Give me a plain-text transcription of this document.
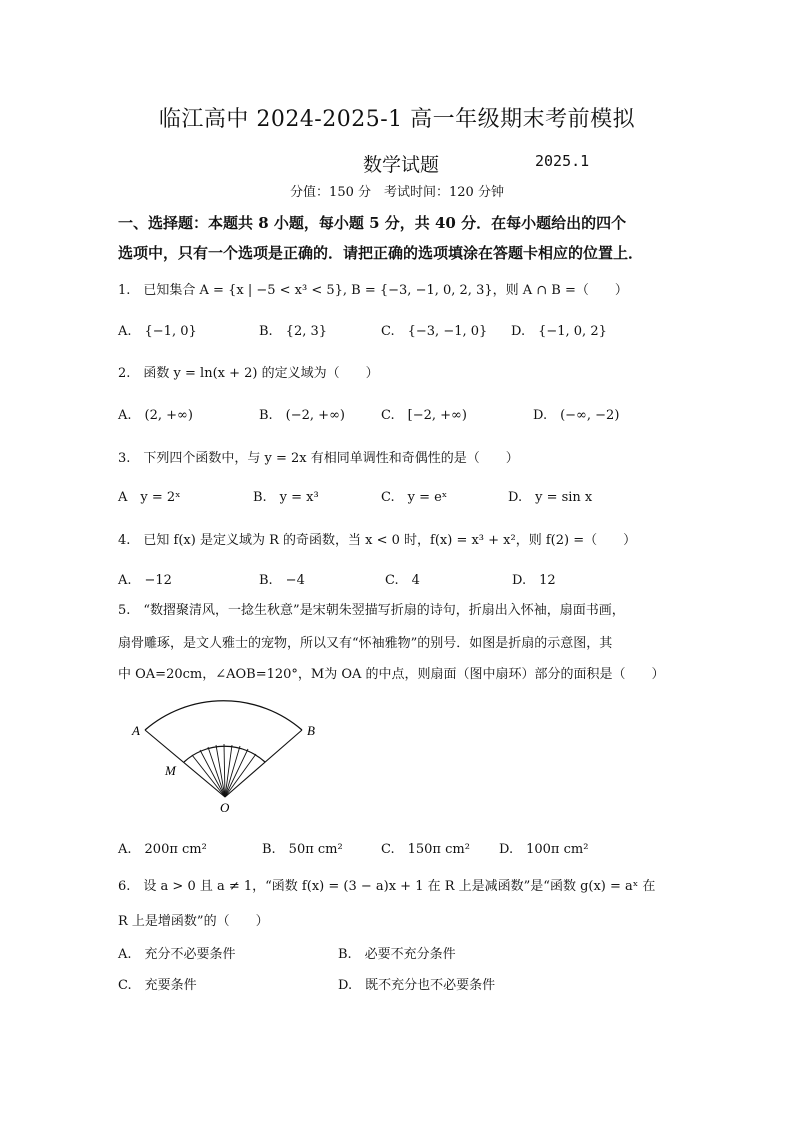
临江高中 2024-2025-1 高一年级期末考前模拟
数学试题	2025.1
分值：150 分　考试时间：120 分钟
一、选择题：本题共 8 小题，每小题 5 分，共 40 分．在每小题给出的四个
选项中，只有一个选项是正确的．请把正确的选项填涂在答题卡相应的位置上．
1.　已知集合 A = {x | −5 < x³ < 5}, B = {−3, −1, 0, 2, 3}，则 A ∩ B =（　　）
A.　{−1, 0}	B.　{2, 3}	C.　{−3, −1, 0} D.　{−1, 0, 2}
2.　函数 y = ln(x + 2) 的定义域为（　　）
A.　(2, +∞)	B.　(−2, +∞)	C.　[−2, +∞)	D.　(−∞, −2)
3.　下列四个函数中，与 y = 2x 有相同单调性和奇偶性的是（　　）
A　y = 2ˣ	B.　y = x³	C.　y = eˣ	D.　y = sin x
4.　已知 f(x) 是定义域为 R 的奇函数，当 x < 0 时，f(x) = x³ + x²，则 f(2) =（　　）
A.　−12	B.　−4	C.　4	D.　12
5.　“数摺聚清风，一捻生秋意”是宋朝朱翌描写折扇的诗句，折扇出入怀袖，扇面书画，
扇骨雕琢，是文人雅士的宠物，所以又有“怀袖雅物”的别号．如图是折扇的示意图，其
中 OA=20cm，∠AOB=120°，M为 OA 的中点，则扇面（图中扇环）部分的面积是（　　）
A	B
M
O
A.　200π cm²	B.　50π cm²	C.　150π cm² D.　100π cm²
6.　设 a > 0 且 a ≠ 1，“函数 f(x) = (3 − a)x + 1 在 R 上是减函数”是“函数 g(x) = aˣ 在
R 上是增函数”的（　　）
A.　充分不必要条件	B.　必要不充分条件
C.　充要条件	D.　既不充分也不必要条件
